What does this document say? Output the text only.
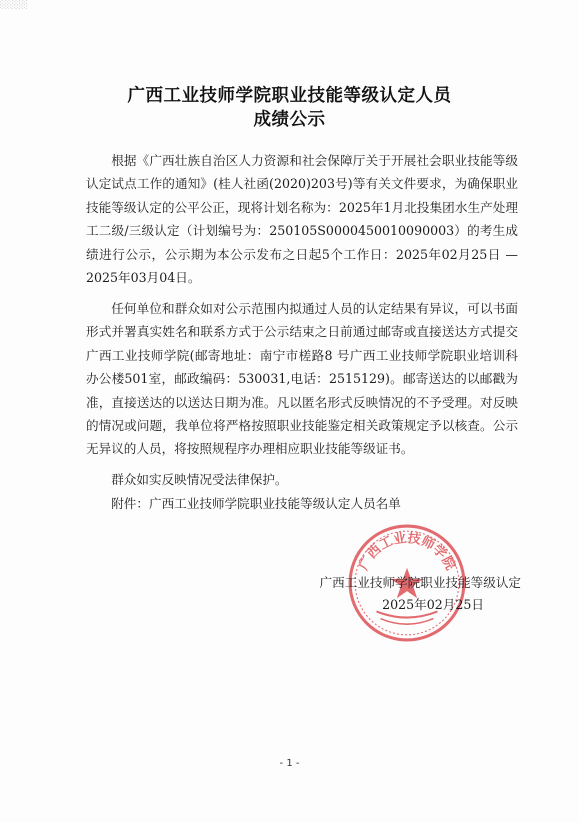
░░░░
广西工业技师学院职业技能等级认定人员
成绩公示

根据《广西壮族自治区人力资源和社会保障厅关于开展社会职业技能等级认定试点工作的通知》(桂人社函(2020)203号)等有关文件要求，为确保职业技能等级认定的公平公正，现将计划名称为：2025年1月北投集团水生产处理工二级/三级认定（计划编号为：250105S0000450010090003）的考生成绩进行公示，公示期为本公示发布之日起5个工作日：2025年02月25日 — 2025年03月04日。

任何单位和群众如对公示范围内拟通过人员的认定结果有异议，可以书面形式并署真实姓名和联系方式于公示结束之日前通过邮寄或直接送达方式提交广西工业技师学院(邮寄地址：南宁市槎路8 号广西工业技师学院职业培训科办公楼501室，邮政编码：530031,电话：2515129)。邮寄送达的以邮戳为准，直接送达的以送达日期为准。凡以匿名形式反映情况的不予受理。对反映的情况或问题，我单位将严格按照职业技能鉴定相关政策规定予以核查。公示无异议的人员，将按照规程序办理相应职业技能等级证书。

群众如实反映情况受法律保护。

附件：广西工业技师学院职业技能等级认定人员名单

广西工业技师学院
广西工业技师学院职业技能等级认定
2025年02月25日
- 1 -
